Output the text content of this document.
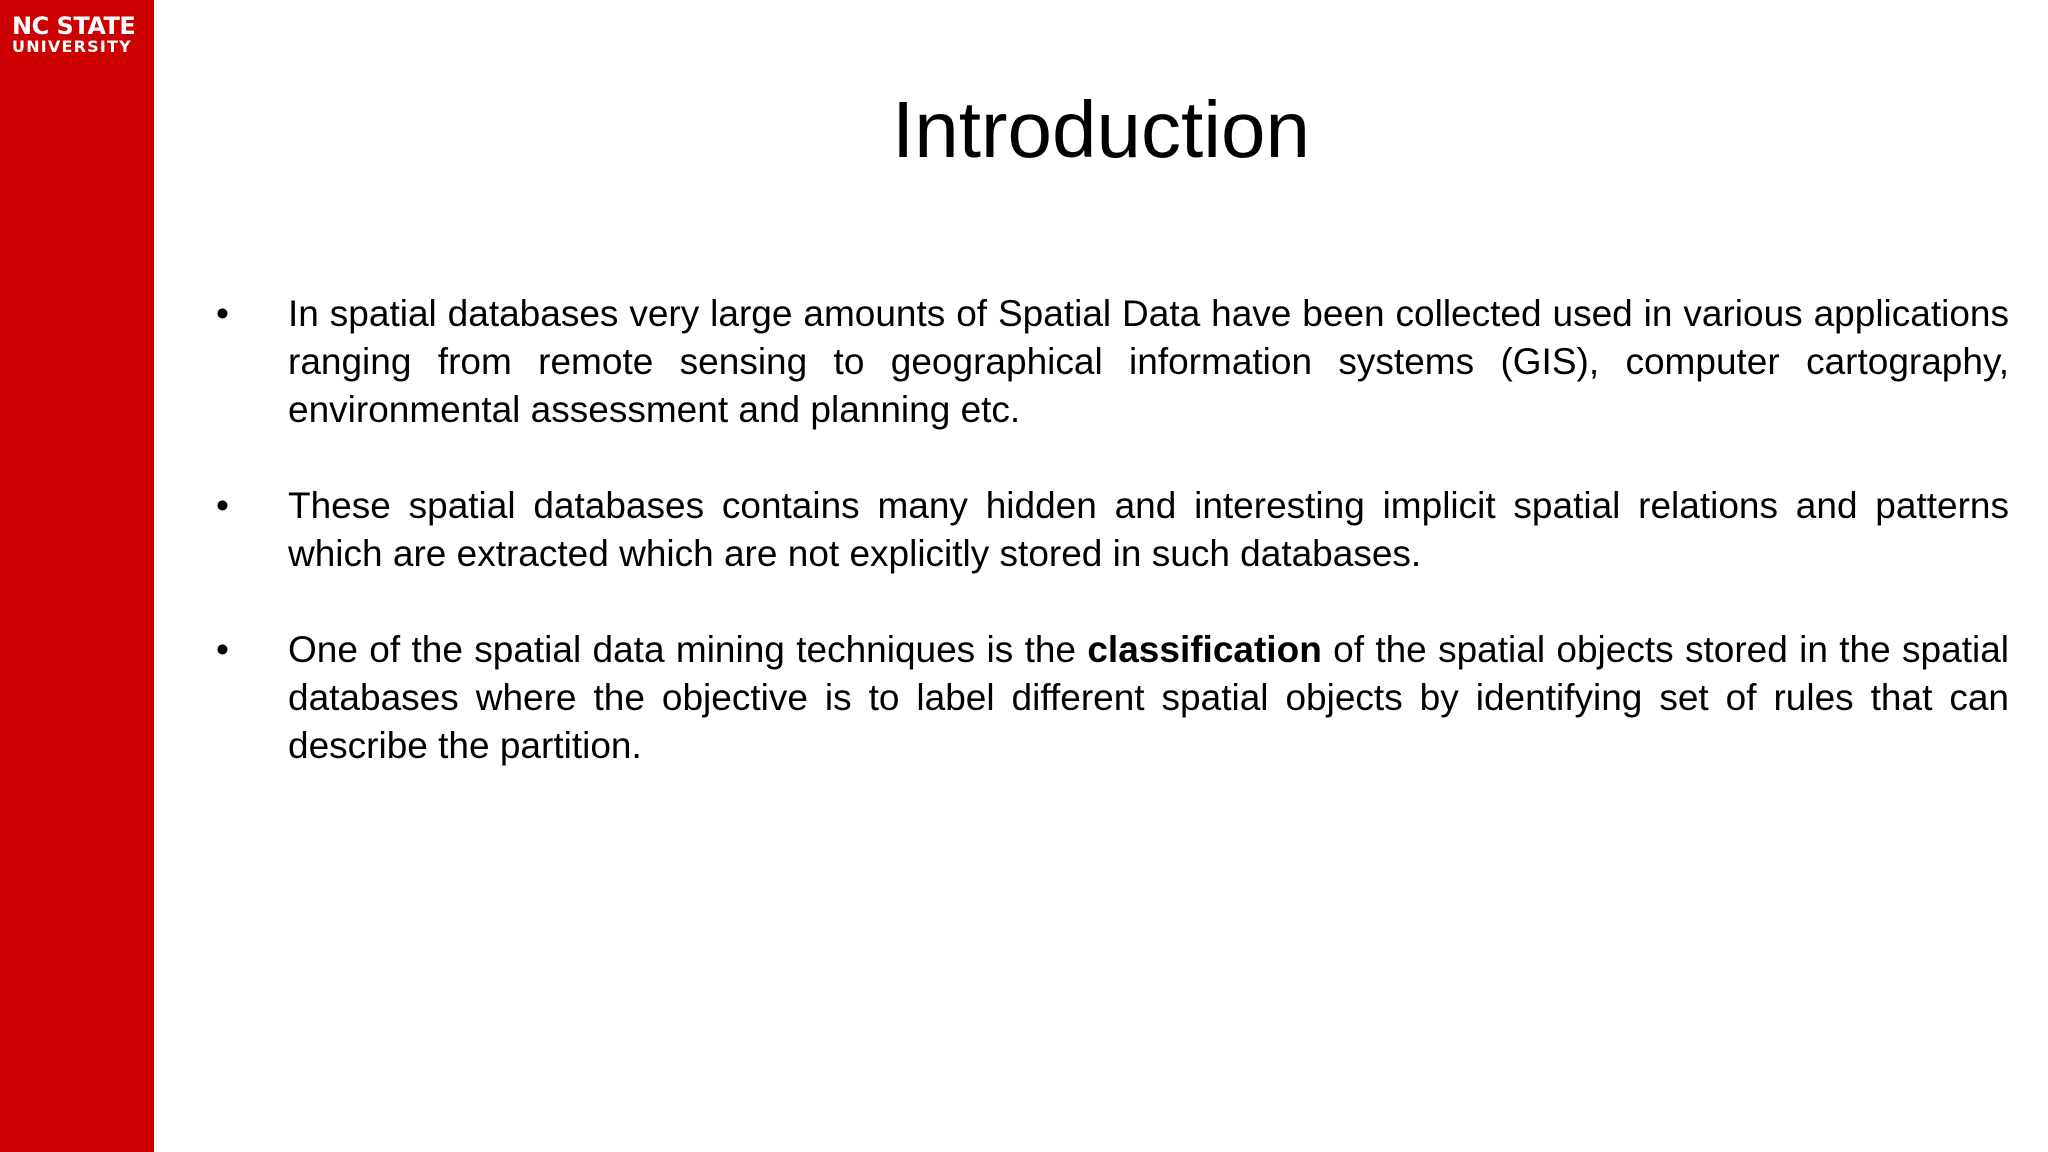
NC STATE
UNIVERSITY
Introduction
• In spatial databases very large amounts of Spatial Data have been collected used in various applications ranging from remote sensing to geographical information systems (GIS), computer cartography, environmental assessment and planning etc.
• These spatial databases contains many hidden and interesting implicit spatial relations and patterns which are extracted which are not explicitly stored in such databases.
• One of the spatial data mining techniques is the classification of the spatial objects stored in the spatial databases where the objective is to label different spatial objects by identifying set of rules that can describe the partition.
